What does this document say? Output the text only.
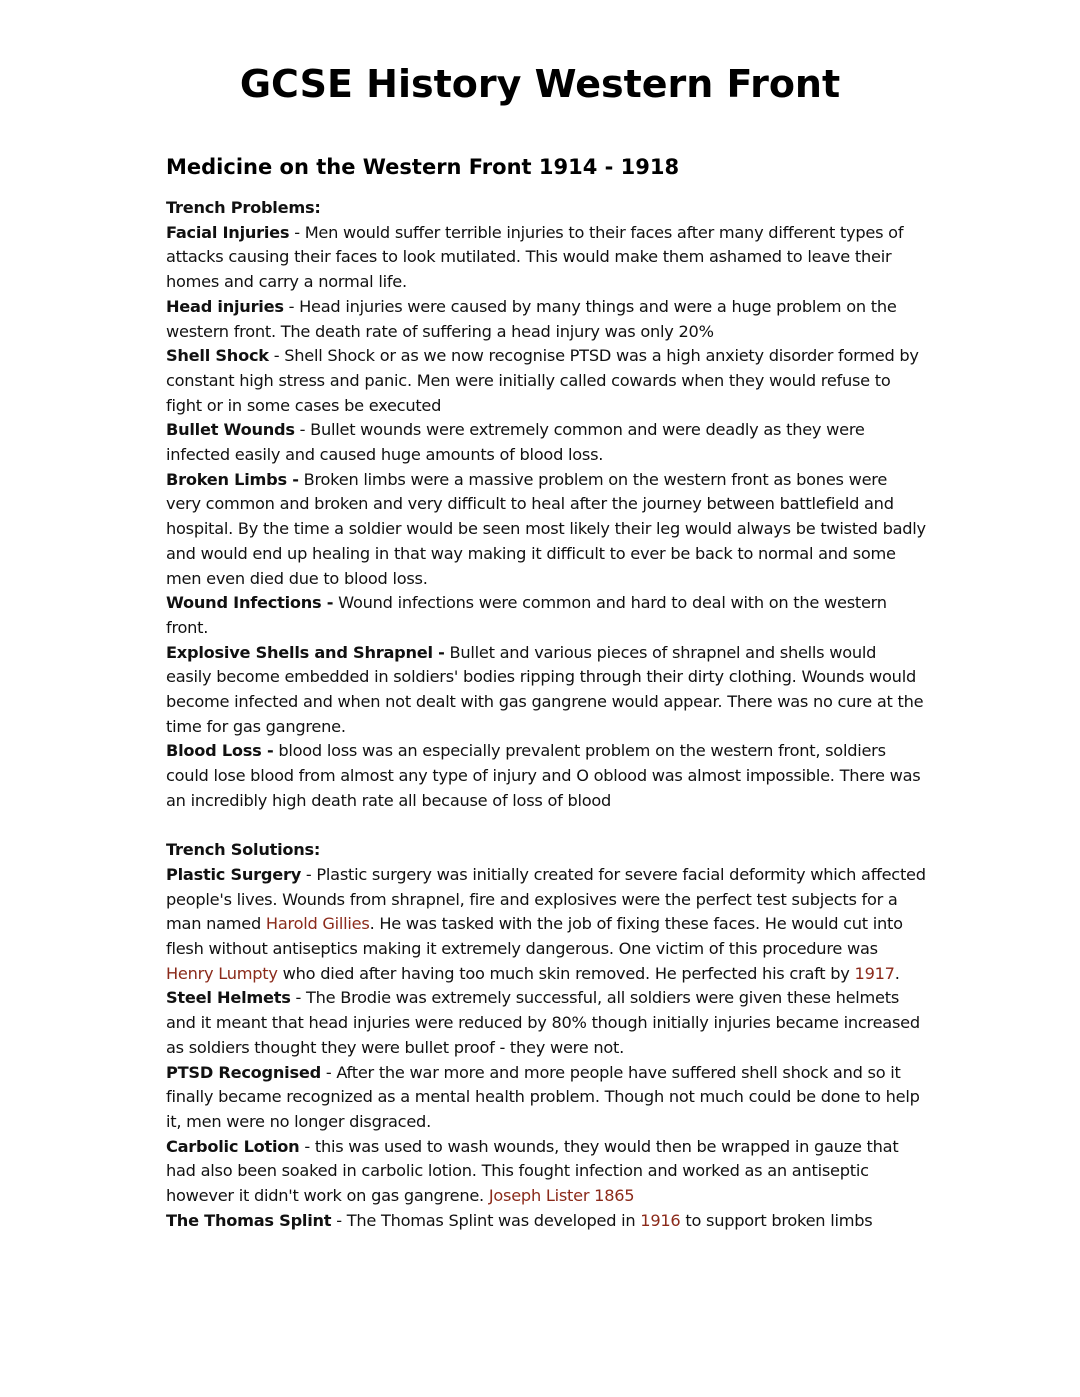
GCSE History Western Front
Medicine on the Western Front 1914 - 1918

Trench Problems:

Facial Injuries - Men would suffer terrible injuries to their faces after many different types of attacks causing their faces to look mutilated. This would make them ashamed to leave their homes and carry a normal life.

Head injuries - Head injuries were caused by many things and were a huge problem on the western front. The death rate of suffering a head injury was only 20%

Shell Shock - Shell Shock or as we now recognise PTSD was a high anxiety disorder formed by constant high stress and panic. Men were initially called cowards when they would refuse to fight or in some cases be executed

Bullet Wounds - Bullet wounds were extremely common and were deadly as they were infected easily and caused huge amounts of blood loss.

Broken Limbs - Broken limbs were a massive problem on the western front as bones were very common and broken and very difficult to heal after the journey between battlefield and hospital. By the time a soldier would be seen most likely their leg would always be twisted badly and would end up healing in that way making it difficult to ever be back to normal and some men even died due to blood loss.

Wound Infections - Wound infections were common and hard to deal with on the western front.

Explosive Shells and Shrapnel - Bullet and various pieces of shrapnel and shells would easily become embedded in soldiers' bodies ripping through their dirty clothing. Wounds would become infected and when not dealt with gas gangrene would appear. There was no cure at the time for gas gangrene.

Blood Loss - blood loss was an especially prevalent problem on the western front, soldiers could lose blood from almost any type of injury and O oblood was almost impossible. There was an incredibly high death rate all because of loss of blood

Trench Solutions:

Plastic Surgery - Plastic surgery was initially created for severe facial deformity which affected people's lives. Wounds from shrapnel, fire and explosives were the perfect test subjects for a man named Harold Gillies. He was tasked with the job of fixing these faces. He would cut into flesh without antiseptics making it extremely dangerous. One victim of this procedure was Henry Lumpty who died after having too much skin removed. He perfected his craft by 1917.

Steel Helmets - The Brodie was extremely successful, all soldiers were given these helmets and it meant that head injuries were reduced by 80% though initially injuries became increased as soldiers thought they were bullet proof - they were not.

PTSD Recognised - After the war more and more people have suffered shell shock and so it finally became recognized as a mental health problem. Though not much could be done to help it, men were no longer disgraced.

Carbolic Lotion - this was used to wash wounds, they would then be wrapped in gauze that had also been soaked in carbolic lotion. This fought infection and worked as an antiseptic however it didn't work on gas gangrene. Joseph Lister 1865

The Thomas Splint - The Thomas Splint was developed in 1916 to support broken limbs
